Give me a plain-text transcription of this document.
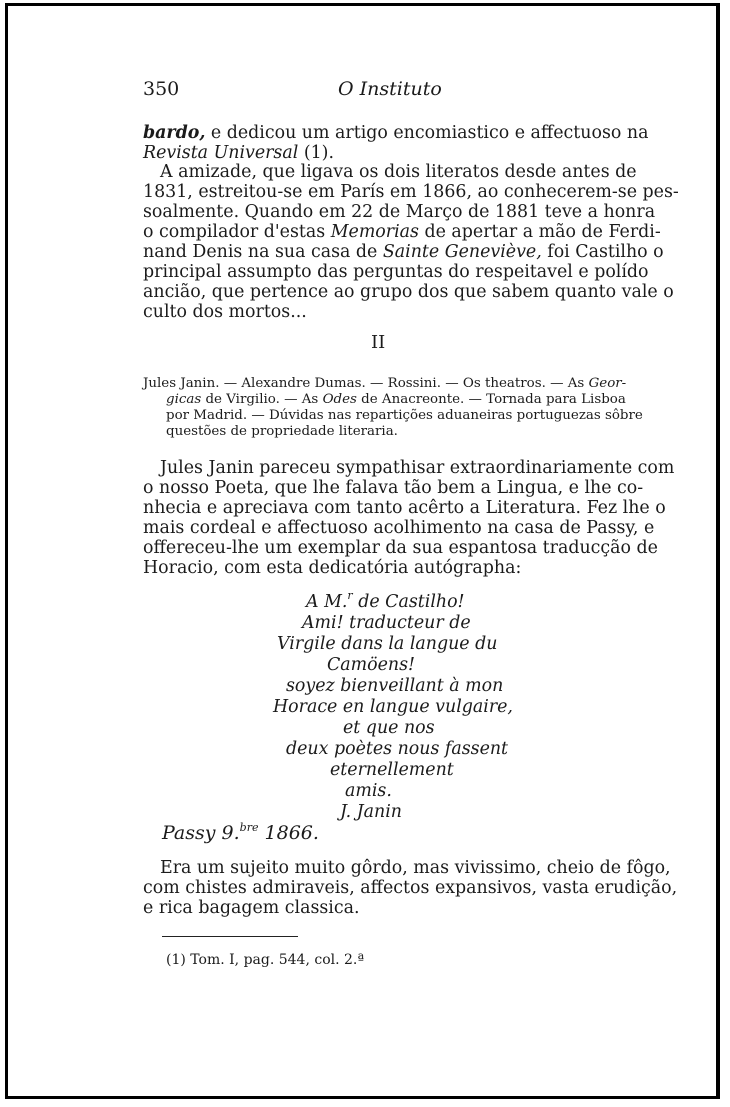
350	O Instituto
bardo, e dedicou um artigo encomiastico e affectuoso na
Revista Universal (1).
A amizade, que ligava os dois literatos desde antes de
1831, estreitou-se em París em 1866, ao conhecerem-se pes-
soalmente. Quando em 22 de Março de 1881 teve a honra
o compilador d'estas Memorias de apertar a mão de Ferdi-
nand Denis na sua casa de Sainte Geneviève, foi Castilho o
principal assumpto das perguntas do respeitavel e polído
ancião, que pertence ao grupo dos que sabem quanto vale o
culto dos mortos...
II
Jules Janin. — Alexandre Dumas. — Rossini. — Os theatros. — As Geor-
gicas de Virgilio. — As Odes de Anacreonte. — Tornada para Lisboa
por Madrid. — Dúvidas nas repartições aduaneiras portuguezas sôbre
questões de propriedade literaria.
Jules Janin pareceu sympathisar extraordinariamente com
o nosso Poeta, que lhe falava tão bem a Lingua, e lhe co-
nhecia e apreciava com tanto acêrto a Literatura. Fez lhe o
mais cordeal e affectuoso acolhimento na casa de Passy, e
offereceu-lhe um exemplar da sua espantosa traducção de
Horacio, com esta dedicatória autógrapha:
A M.$^r$ de Castilho!
Ami! traducteur de
Virgile dans la langue du
Camöens!
soyez bienveillant à mon
Horace en langue vulgaire,
et que nos
deux poètes nous fassent
eternellement
amis.
J. Janin
Passy 9.$^{bre}$ 1866.
Era um sujeito muito gôrdo, mas vivissimo, cheio de fôgo,
com chistes admiraveis, affectos expansivos, vasta erudição,
e rica bagagem classica.
(1) Tom. I, pag. 544, col. 2.ª
